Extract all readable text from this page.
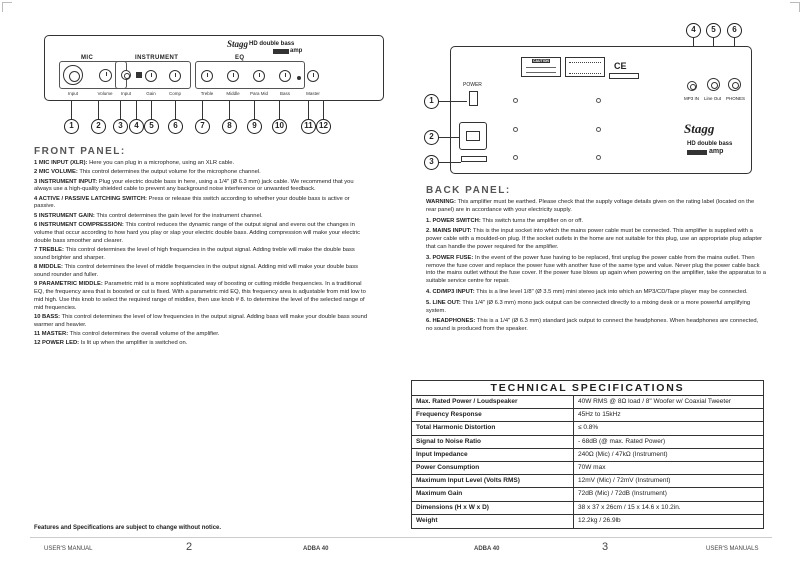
MIC	INSTRUMENT	EQ
Stagg HD double bass
amp
Input	Volume	Input	Gain	Comp	Treble	Middle	Para Mid	Bass	Master
1	2	3	4	5	6	7	8	9	10	11 12
FRONT PANEL:
1 MIC INPUT (XLR): Here you can plug in a microphone, using an XLR cable.
2 MIC VOLUME: This control determines the output volume for the microphone channel.
3 INSTRUMENT INPUT: Plug your electric double bass in here, using a 1/4" (Ø 6.3 mm) jack cable. We recommend that you always use a high-quality shielded cable to prevent any background noise interference or unwanted feedback.
4 ACTIVE / PASSIVE LATCHING SWITCH: Press or release this switch according to whether your double bass is active or passive.
5 INSTRUMENT GAIN: This control determines the gain level for the instrument channel.
6 INSTRUMENT COMPRESSION: This control reduces the dynamic range of the output signal and evens out the changes in volume that occur according to how hard you play or slap your electric double bass. Adding compression will make your electric double bass smoother and clearer.
7 TREBLE: This control determines the level of high frequencies in the output signal. Adding treble will make the double bass sound brighter and sharper.
8 MIDDLE: This control determines the level of middle frequencies in the output signal. Adding mid will make your double bass sound rounder and fuller.
9 PARAMETRIC MIDDLE: Parametric mid is a more sophisticated way of boosting or cutting middle frequencies. In a traditional EQ, the frequency area that is boosted or cut is fixed. With a parametric mid EQ, this frequency area is adjustable from mid low to mid high. Use this knob to select the required range of middles, then use knob # 8. to determine the level of the selected range of mid frequencies.
10 BASS: This control determines the level of low frequencies in the output signal. Adding bass will make your double bass sound warmer and heavier.
11 MASTER: This control determines the overall volume of the amplifier.
12 POWER LED: Is lit up when the amplifier is switched on.
Features and Specifications are subject to change without notice.
4	5	6
POWER
CAUTION	CE
MP3 IN Line Out PHONES
Stagg
HD double bass
amp
1
2
3
BACK PANEL:
WARNING: This amplifier must be earthed. Please check that the supply voltage details given on the rating label (located on the rear panel) are in accordance with your electricity supply.
1. POWER SWITCH: This switch turns the amplifier on or off.
2. MAINS INPUT: This is the input socket into which the mains power cable must be connected. This amplifier is supplied with a power cable with a moulded-on plug. If the socket outlets in the home are not suitable for this plug, use an appropriate plug adapter that can handle the power required for the amplifier.
3. POWER FUSE: In the event of the power fuse having to be replaced, first unplug the power cable from the mains outlet. Then remove the fuse cover and replace the power fuse with another fuse of the same type and value. Never plug the power cable back into the mains outlet without the fuse cover. If the power fuse blows up again when powering on the amplifier, take the apparatus to a suitable service centre for repair.
4. CD/MP3 INPUT: This is a line level 1/8" (Ø 3.5 mm) mini stereo jack into which an MP3/CD/Tape player may be connected.
5. LINE OUT: This 1/4" (Ø 6.3 mm) mono jack output can be connected directly to a mixing desk or a more powerful amplifying system.
6. HEADPHONES: This is a 1/4" (Ø 6.3 mm) standard jack output to connect the headphones. When headphones are connected, no sound is produced from the speaker.
TECHNICAL SPECIFICATIONS
Max. Rated Power / Loudspeaker	40W RMS @ 8Ω load / 8" Woofer w/ Coaxial Tweeter
Frequency Response	45Hz to 15kHz
Total Harmonic Distortion	≤ 0.8%
Signal to Noise Ratio	- 68dB (@ max. Rated Power)
Input Impedance	240Ω (Mic) / 47kΩ (Instrument)
Power Consumption	70W max
Maximum Input Level (Volts RMS)	12mV (Mic) / 72mV (Instrument)
Maximum Gain	72dB (Mic) / 72dB (Instrument)
Dimensions (H x W x D)	38 x 37 x 26cm / 15 x 14.6 x 10.2in.
Weight	12.2kg / 26.9lb
USER'S MANUAL	2	ADBA 40	ADBA 40	3	USER'S MANUALS
